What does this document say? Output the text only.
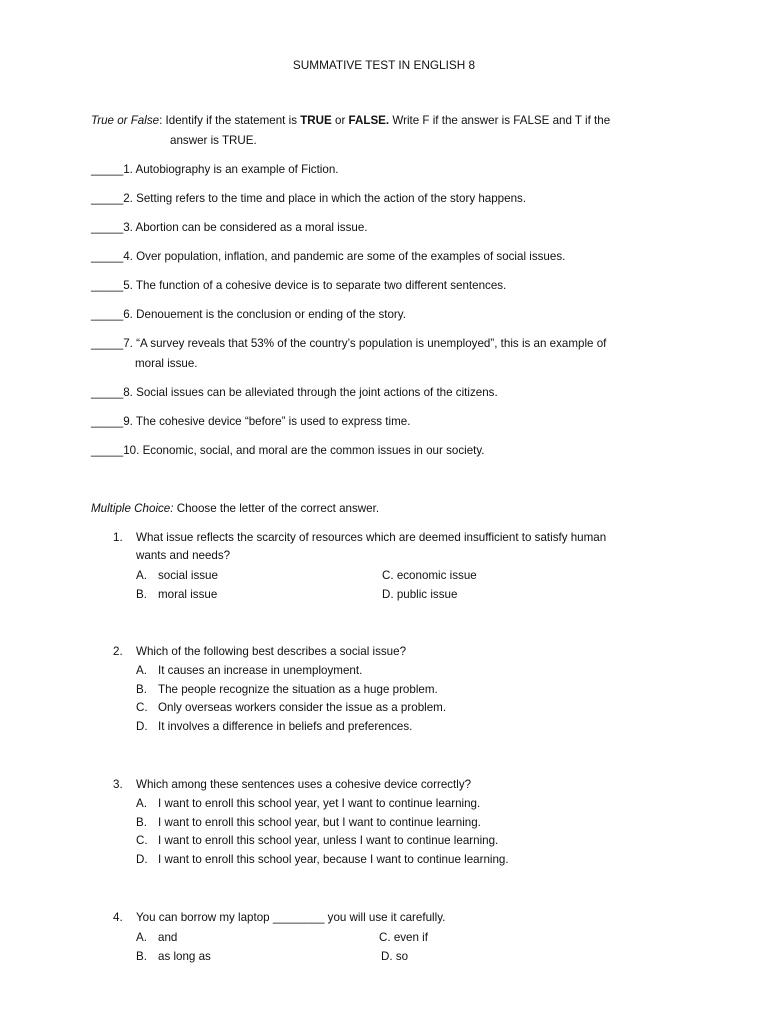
SUMMATIVE TEST IN ENGLISH 8
True or False: Identify if the statement is TRUE or FALSE. Write F if the answer is FALSE and T if the
answer is TRUE.
_____1. Autobiography is an example of Fiction.
_____2. Setting refers to the time and place in which the action of the story happens.
_____3. Abortion can be considered as a moral issue.
_____4. Over population, inflation, and pandemic are some of the examples of social issues.
_____5. The function of a cohesive device is to separate two different sentences.
_____6. Denouement is the conclusion or ending of the story.
_____7. “A survey reveals that 53% of the country’s population is unemployed”, this is an example of
moral issue.
_____8. Social issues can be alleviated through the joint actions of the citizens.
_____9. The cohesive device “before” is used to express time.
_____10. Economic, social, and moral are the common issues in our society.
Multiple Choice: Choose the letter of the correct answer.
1. What issue reflects the scarcity of resources which are deemed insufficient to satisfy human
wants and needs?
A. social issue	C. economic issue
B. moral issue	D. public issue
2. Which of the following best describes a social issue?
A. It causes an increase in unemployment.
B. The people recognize the situation as a huge problem.
C. Only overseas workers consider the issue as a problem.
D. It involves a difference in beliefs and preferences.
3. Which among these sentences uses a cohesive device correctly?
A. I want to enroll this school year, yet I want to continue learning.
B. I want to enroll this school year, but I want to continue learning.
C. I want to enroll this school year, unless I want to continue learning.
D. I want to enroll this school year, because I want to continue learning.
4. You can borrow my laptop ________ you will use it carefully.
A. and	C. even if
B. as long as	D. so
